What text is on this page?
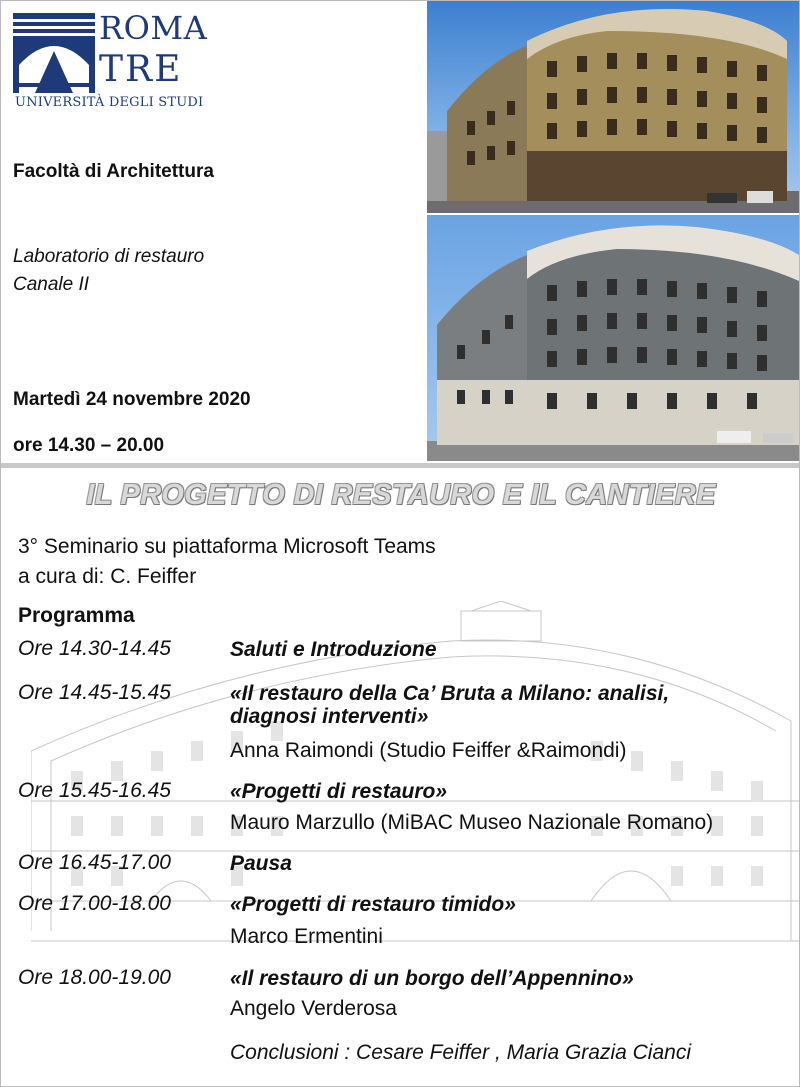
ROMA
TRE
UNIVERSITÀ DEGLI STUDI
Facoltà di Architettura
Laboratorio di restauro
Canale II
Martedì 24 novembre 2020
ore 14.30 – 20.00
IL PROGETTO DI RESTAURO E IL CANTIERE
3° Seminario su piattaforma Microsoft Teams
a cura di: C. Feiffer
Programma
Ore 14.30-14.45	Saluti e Introduzione
Ore 14.45-15.45	«Il restauro della Ca’ Bruta a Milano: analisi,
diagnosi interventi»
Anna Raimondi (Studio Feiffer &Raimondi)
Ore 15.45-16.45	«Progetti di restauro»
Mauro Marzullo (MiBAC Museo Nazionale Romano)
Ore 16.45-17.00	Pausa
Ore 17.00-18.00	«Progetti di restauro timido»
Marco Ermentini
Ore 18.00-19.00	«Il restauro di un borgo dell’Appennino»
Angelo Verderosa
Conclusioni : Cesare Feiffer , Maria Grazia Cianci
